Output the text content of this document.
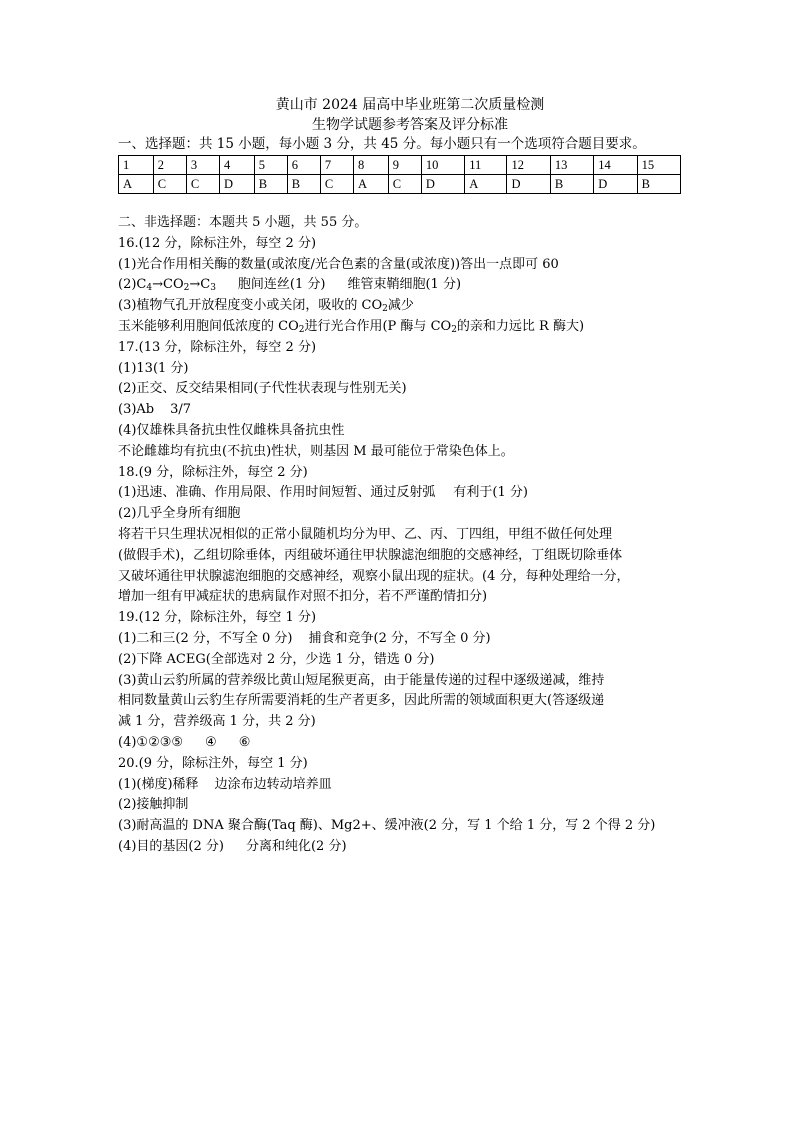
黄山市 2024 届高中毕业班第二次质量检测
生物学试题参考答案及评分标准
一、选择题：共 15 小题，每小题 3 分，共 45 分。每小题只有一个选项符合题目要求。
1	2	3	4	5	6	7	8	9	10	11	12	13	14	15
A	C	C	D	B	B	C	A	C	D	A	D	B	D	B
二、非选择题：本题共 5 小题，共 55 分。
16.(12 分，除标注外，每空 2 分)
(1)光合作用相关酶的数量(或浓度/光合色素的含量(或浓度))答出一点即可 60
$(2)C_4\to CO_2\to C_3$ 胞间连丝(1 分) 维管束鞘细胞(1 分)
(3)植物气孔开放程度变小或关闭，吸收的 $CO_2$减少
玉米能够利用胞间低浓度的 $CO_2$进行光合作用(P 酶与 $CO_2$的亲和力远比 R 酶大)
17.(13 分，除标注外，每空 2 分)
(1)13(1 分)
(2)正交、反交结果相同(子代性状表现与性别无关)
(3)Ab 3/7
(4)仅雄株具备抗虫性仅雌株具备抗虫性
不论雌雄均有抗虫(不抗虫)性状，则基因 M 最可能位于常染色体上。
18.(9 分，除标注外，每空 2 分)
(1)迅速、准确、作用局限、作用时间短暂、通过反射弧 有利于(1 分)
(2)几乎全身所有细胞
将若干只生理状况相似的正常小鼠随机均分为甲、乙、丙、丁四组，甲组不做任何处理
(做假手术)，乙组切除垂体，丙组破坏通往甲状腺滤泡细胞的交感神经，丁组既切除垂体
又破坏通往甲状腺滤泡细胞的交感神经，观察小鼠出现的症状。(4 分，每种处理给一分，
增加一组有甲减症状的患病鼠作对照不扣分，若不严谨酌情扣分)
19.(12 分，除标注外，每空 1 分)
(1)二和三(2 分，不写全 0 分) 捕食和竞争(2 分，不写全 0 分)
(2)下降 ACEG(全部选对 2 分，少选 1 分，错选 0 分)
(3)黄山云豹所属的营养级比黄山短尾猴更高，由于能量传递的过程中逐级递减，维持
相同数量黄山云豹生存所需要消耗的生产者更多，因此所需的领域面积更大(答逐级递
减 1 分，营养级高 1 分，共 2 分)
(4)①②③⑤ ④ ⑥
20.(9 分，除标注外，每空 1 分)
(1)(梯度)稀释 边涂布边转动培养皿
(2)接触抑制
(3)耐高温的 DNA 聚合酶(Taq 酶)、Mg2+、缓冲液(2 分，写 1 个给 1 分，写 2 个得 2 分)
(4)目的基因(2 分) 分离和纯化(2 分)
